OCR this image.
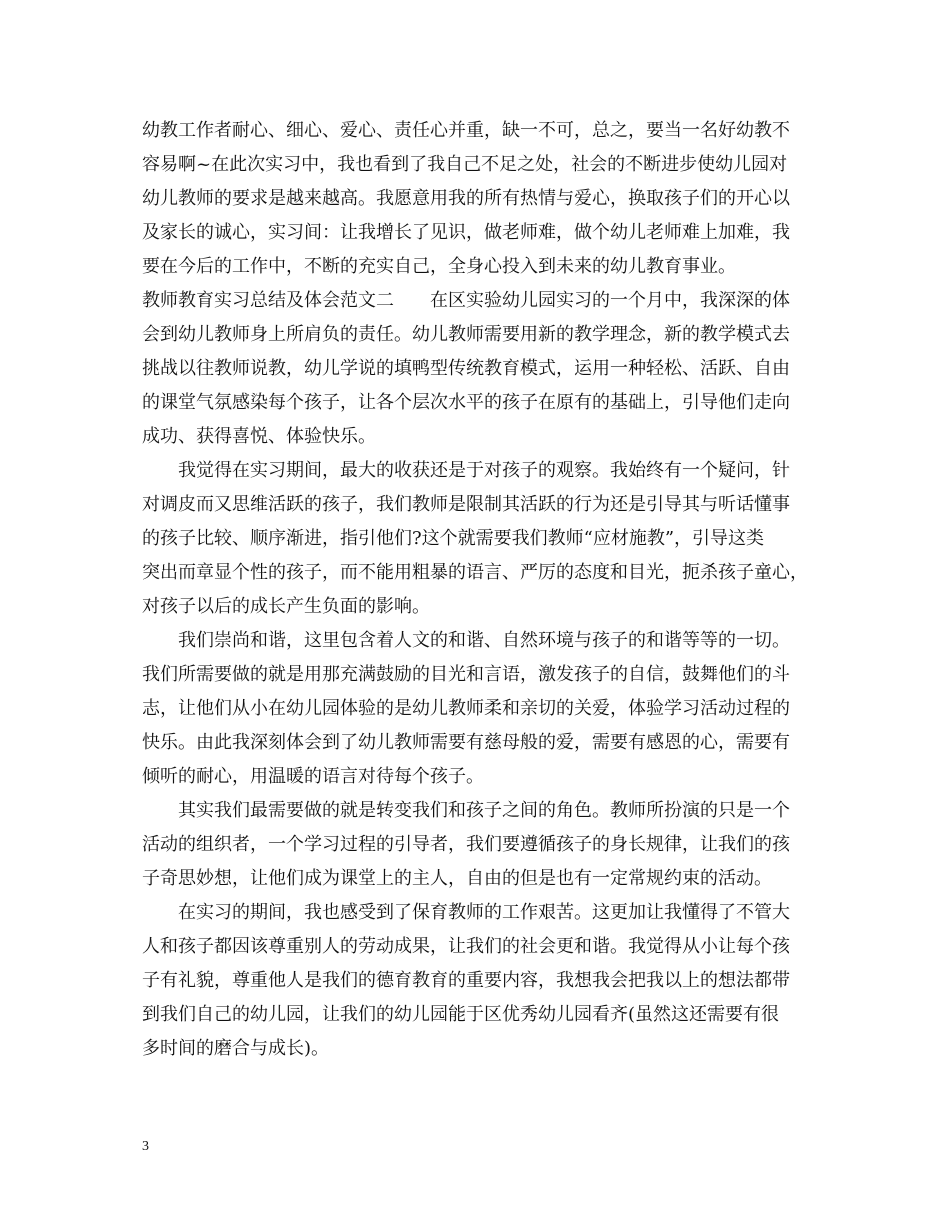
幼教工作者耐心、细心、爱心、责任心并重，缺一不可，总之，要当一名好幼教不
容易啊~在此次实习中，我也看到了我自己不足之处，社会的不断进步使幼儿园对
幼儿教师的要求是越来越高。我愿意用我的所有热情与爱心，换取孩子们的开心以
及家长的诚心，实习间：让我增长了见识，做老师难，做个幼儿老师难上加难，我
要在今后的工作中，不断的充实自己，全身心投入到未来的幼儿教育事业。
教师教育实习总结及体会范文二　　在区实验幼儿园实习的一个月中，我深深的体
会到幼儿教师身上所肩负的责任。幼儿教师需要用新的教学理念，新的教学模式去
挑战以往教师说教，幼儿学说的填鸭型传统教育模式，运用一种轻松、活跃、自由
的课堂气氛感染每个孩子，让各个层次水平的孩子在原有的基础上，引导他们走向
成功、获得喜悦、体验快乐。
　　我觉得在实习期间，最大的收获还是于对孩子的观察。我始终有一个疑问，针
对调皮而又思维活跃的孩子，我们教师是限制其活跃的行为还是引导其与听话懂事
的孩子比较、顺序渐进，指引他们?这个就需要我们教师“应材施教”，引导这类
突出而章显个性的孩子，而不能用粗暴的语言、严厉的态度和目光，扼杀孩子童心，
对孩子以后的成长产生负面的影响。
　　我们崇尚和谐，这里包含着人文的和谐、自然环境与孩子的和谐等等的一切。
我们所需要做的就是用那充满鼓励的目光和言语，激发孩子的自信，鼓舞他们的斗
志，让他们从小在幼儿园体验的是幼儿教师柔和亲切的关爱，体验学习活动过程的
快乐。由此我深刻体会到了幼儿教师需要有慈母般的爱，需要有感恩的心，需要有
倾听的耐心，用温暖的语言对待每个孩子。
　　其实我们最需要做的就是转变我们和孩子之间的角色。教师所扮演的只是一个
活动的组织者，一个学习过程的引导者，我们要遵循孩子的身长规律，让我们的孩
子奇思妙想，让他们成为课堂上的主人，自由的但是也有一定常规约束的活动。
　　在实习的期间，我也感受到了保育教师的工作艰苦。这更加让我懂得了不管大
人和孩子都因该尊重别人的劳动成果，让我们的社会更和谐。我觉得从小让每个孩
子有礼貌，尊重他人是我们的德育教育的重要内容，我想我会把我以上的想法都带
到我们自己的幼儿园，让我们的幼儿园能于区优秀幼儿园看齐(虽然这还需要有很
多时间的磨合与成长)。
3
